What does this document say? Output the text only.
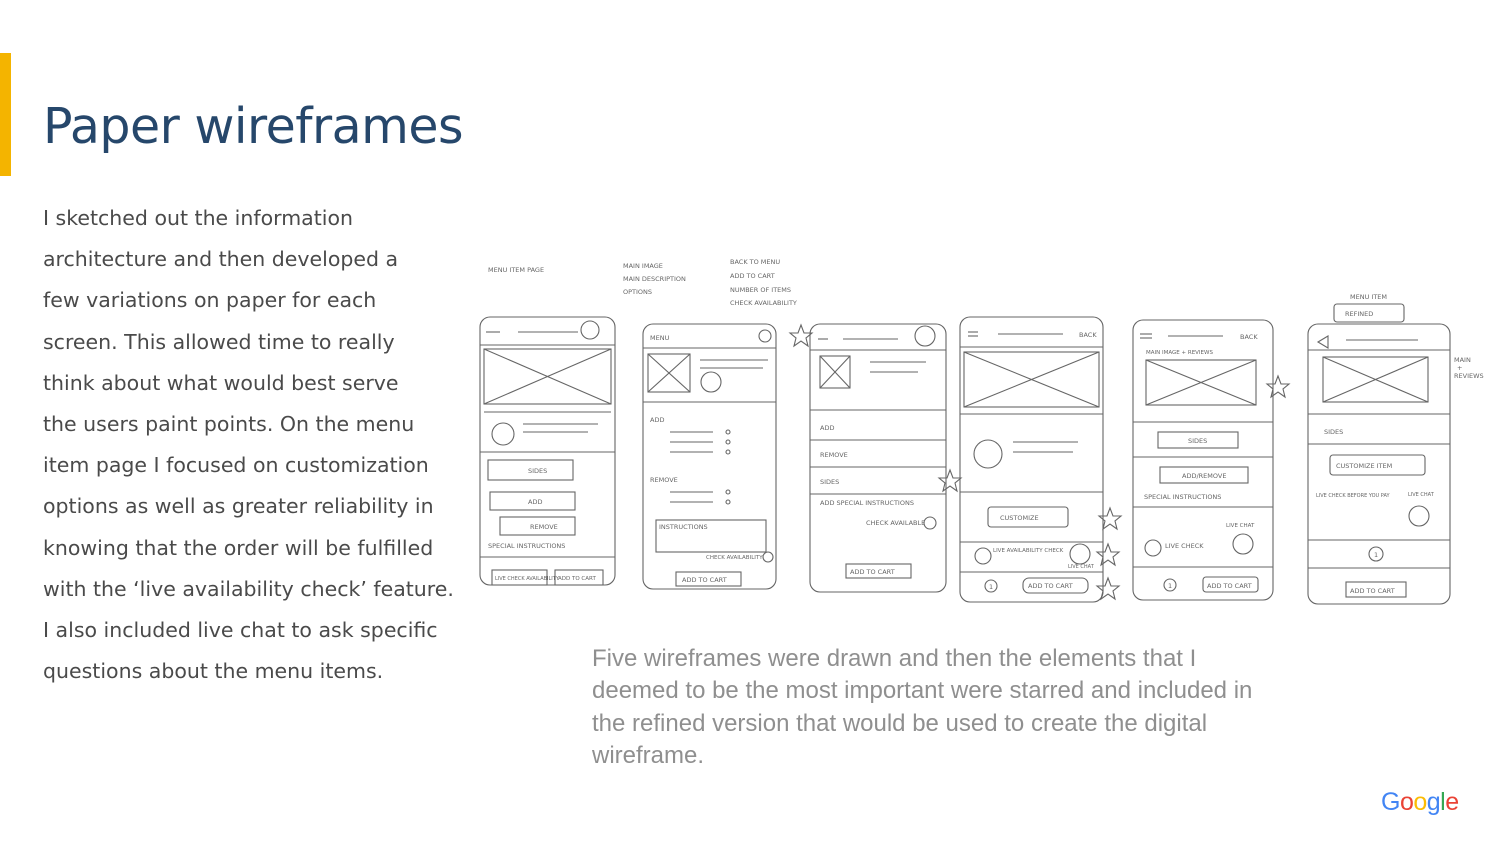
Paper wireframes

I sketched out the information
architecture and then developed a
few variations on paper for each
screen. This allowed time to really
think about what would best serve
the users paint points. On the menu
item page I focused on customization
options as well as greater reliability in
knowing that the order will be fulfilled
with the ‘live availability check’ feature.
I also included live chat to ask specific
questions about the menu items.

MENU ITEM PAGE	MAIN IMAGE
MAIN DESCRIPTION
OPTIONS
BACK TO MENU
ADD TO CART
NUMBER OF ITEMS
CHECK AVAILABILITY
MENU ITEM
REFINED
MAIN
+
REVIEWS
SIDES
ADD
REMOVE
SPECIAL INSTRUCTIONS
LIVE CHECK AVAILABILITY ADD TO CART
MENU
ADD
REMOVE
INSTRUCTIONS
CHECK AVAILABILITY
ADD TO CART
ADD
REMOVE
SIDES
ADD SPECIAL INSTRUCTIONS
CHECK AVAILABLE
ADD TO CART
BACK
CUSTOMIZE
LIVE AVAILABILITY CHECK
LIVE CHAT
1	ADD TO CART
BACK
MAIN IMAGE + REVIEWS
SIDES
ADD/REMOVE
SPECIAL INSTRUCTIONS
LIVE CHAT
LIVE CHECK
1	ADD TO CART
SIDES
CUSTOMIZE ITEM
LIVE CHECK BEFORE YOU PAY	LIVE CHAT
1
ADD TO CART

Five wireframes were drawn and then the elements that I
deemed to be the most important were starred and included in
the refined version that would be used to create the digital
wireframe.

Google
